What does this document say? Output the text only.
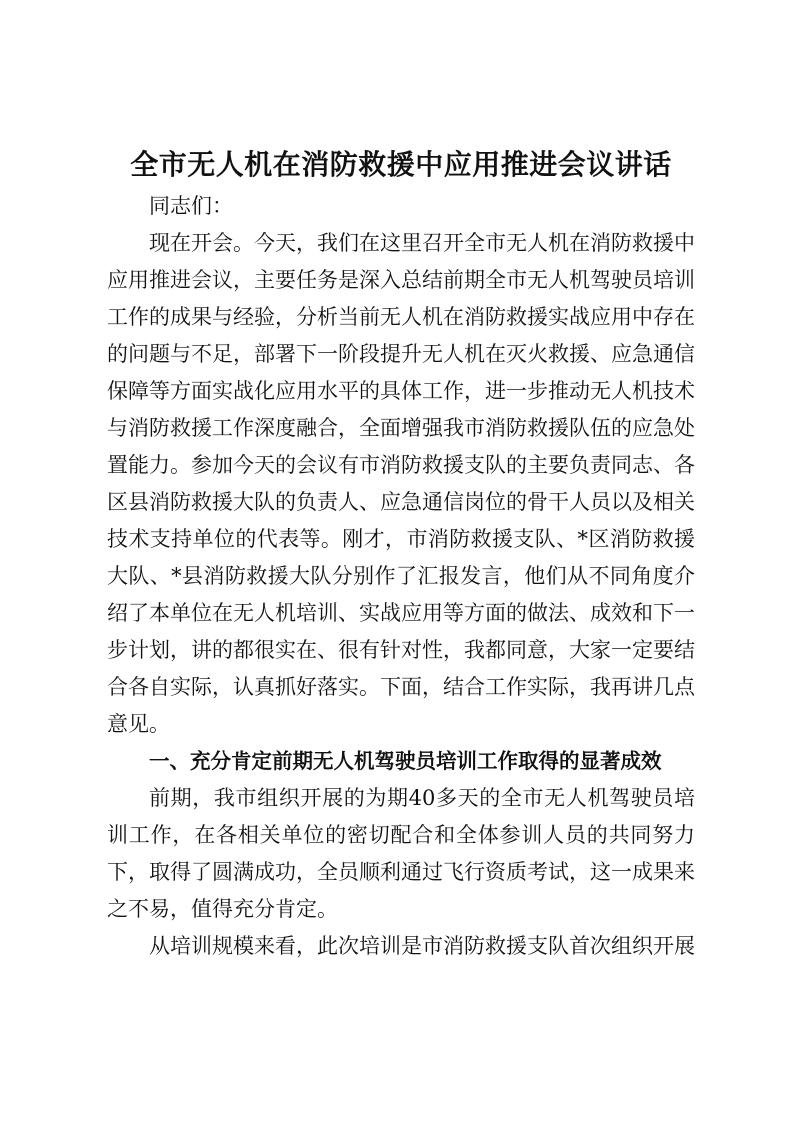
全市无人机在消防救援中应用推进会议讲话

同志们：

现在开会。今天，我们在这里召开全市无人机在消防救援中应用推进会议，主要任务是深入总结前期全市无人机驾驶员培训工作的成果与经验，分析当前无人机在消防救援实战应用中存在的问题与不足，部署下一阶段提升无人机在灭火救援、应急通信保障等方面实战化应用水平的具体工作，进一步推动无人机技术与消防救援工作深度融合，全面增强我市消防救援队伍的应急处置能力。参加今天的会议有市消防救援支队的主要负责同志、各区县消防救援大队的负责人、应急通信岗位的骨干人员以及相关技术支持单位的代表等。刚才，市消防救援支队、*区消防救援大队、*县消防救援大队分别作了汇报发言，他们从不同角度介绍了本单位在无人机培训、实战应用等方面的做法、成效和下一步计划，讲的都很实在、很有针对性，我都同意，大家一定要结合各自实际，认真抓好落实。下面，结合工作实际，我再讲几点意见。

一、充分肯定前期无人机驾驶员培训工作取得的显著成效

前期，我市组织开展的为期40多天的全市无人机驾驶员培训工作，在各相关单位的密切配合和全体参训人员的共同努力下，取得了圆满成功，全员顺利通过飞行资质考试，这一成果来之不易，值得充分肯定。

从培训规模来看，此次培训是市消防救援支队首次组织开展
